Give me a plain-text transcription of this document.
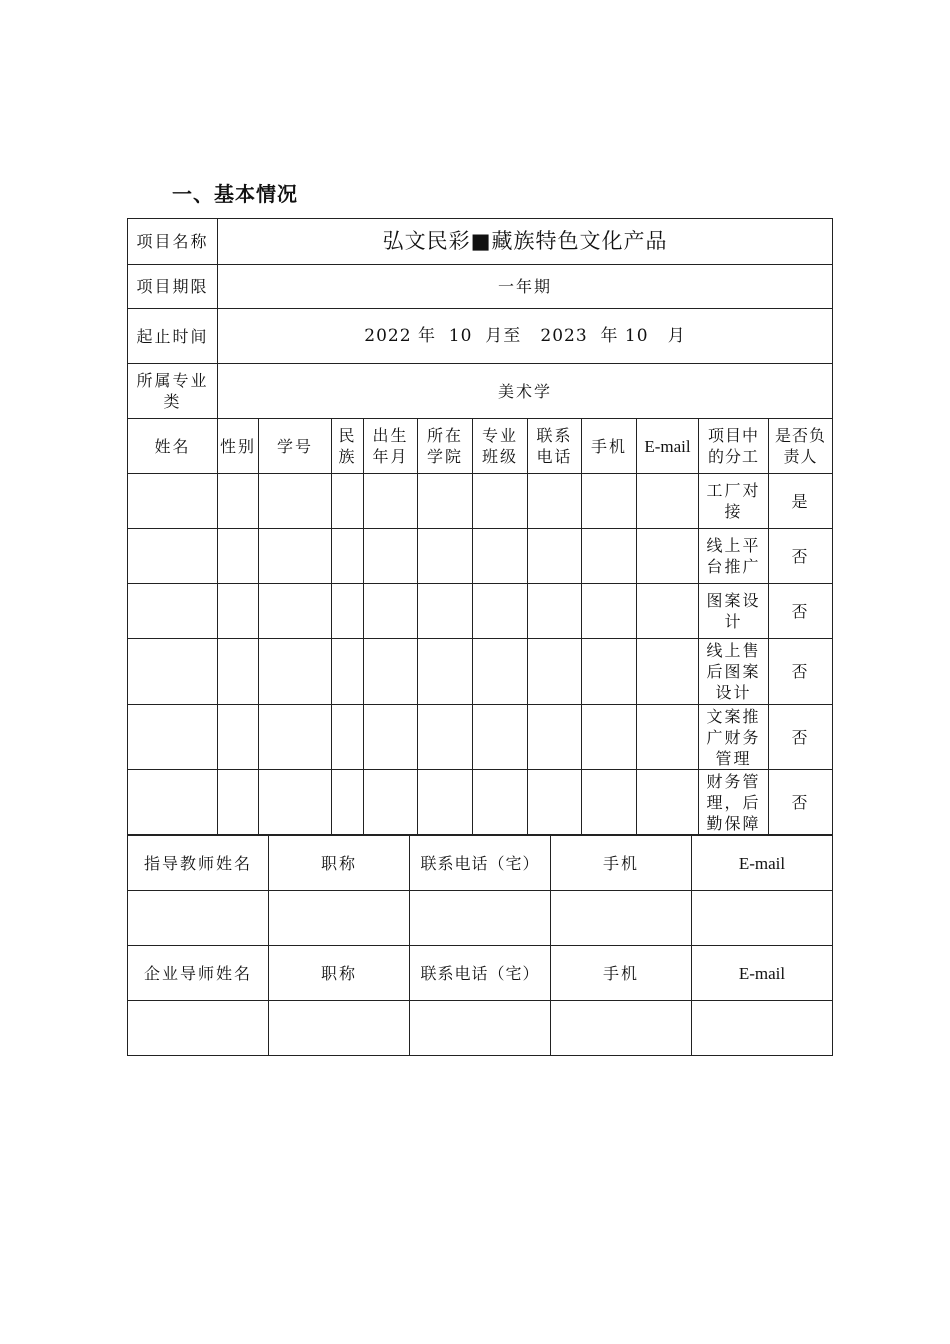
一、基本情况
项目名称	弘文民彩■藏族特色文化产品										
项目期限	一年期										
起止时间	2022 年  10  月至   2023  年 10   月										
所属专业类	美术学										
姓名	性别	学号	民族	出生年月	所在学院	专业班级	联系电话	手机	E-mail	项目中的分工	是否负责人
										工厂对接	是
										线上平台推广	否
										图案设计	否
										线上售后图案设计	否
										文案推广财务管理	否
										财务管理，后勤保障	否
指导教师姓名	职称	联系电话（宅）	手机	E-mail

企业导师姓名	职称	联系电话（宅）	手机	E-mail
